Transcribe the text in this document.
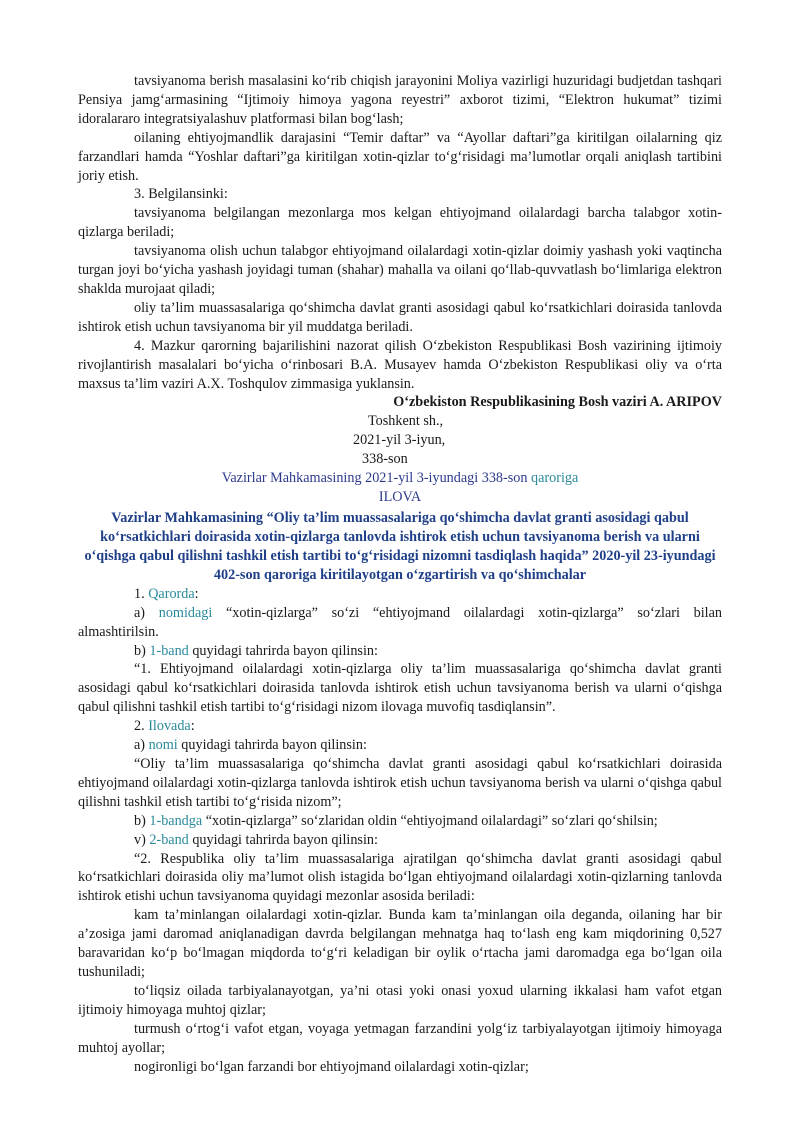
tavsiyanoma berish masalasini ko‘rib chiqish jarayonini Moliya vazirligi huzuridagi budjetdan tashqari Pensiya jamg‘armasining “Ijtimoiy himoya yagona reyestri” axborot tizimi, “Elektron hukumat” tizimi idoralararo integratsiyalashuv platformasi bilan bog‘lash;

oilaning ehtiyojmandlik darajasini “Temir daftar” va “Ayollar daftari”ga kiritilgan oilalarning qiz farzandlari hamda “Yoshlar daftari”ga kiritilgan xotin-qizlar to‘g‘risidagi ma’lumotlar orqali aniqlash tartibini joriy etish.

3. Belgilansinki:

tavsiyanoma belgilangan mezonlarga mos kelgan ehtiyojmand oilalardagi barcha talabgor xotin-qizlarga beriladi;

tavsiyanoma olish uchun talabgor ehtiyojmand oilalardagi xotin-qizlar doimiy yashash yoki vaqtincha turgan joyi bo‘yicha yashash joyidagi tuman (shahar) mahalla va oilani qo‘llab-quvvatlash bo‘limlariga elektron shaklda murojaat qiladi;

oliy ta’lim muassasalariga qo‘shimcha davlat granti asosidagi qabul ko‘rsatkichlari doirasida tanlovda ishtirok etish uchun tavsiyanoma bir yil muddatga beriladi.

4. Mazkur qarorning bajarilishini nazorat qilish O‘zbekiston Respublikasi Bosh vazirining ijtimoiy rivojlantirish masalalari bo‘yicha o‘rinbosari B.A. Musayev hamda O‘zbekiston Respublikasi oliy va o‘rta maxsus ta’lim vaziri A.X. Toshqulov zimmasiga yuklansin.

O‘zbekiston Respublikasining Bosh vaziri A. ARIPOV

Toshkent sh.,

2021-yil 3-iyun,

338-son

Vazirlar Mahkamasining 2021-yil 3-iyundagi 338-son qaroriga

ILOVA

Vazirlar Mahkamasining “Oliy ta’lim muassasalariga qo‘shimcha davlat granti asosidagi qabul ko‘rsatkichlari doirasida xotin-qizlarga tanlovda ishtirok etish uchun tavsiyanoma berish va ularni o‘qishga qabul qilishni tashkil etish tartibi to‘g‘risidagi nizomni tasdiqlash haqida” 2020-yil 23-iyundagi 402-son qaroriga kiritilayotgan o‘zgartirish va qo‘shimchalar

1. Qarorda:

a) nomidagi “xotin-qizlarga” so‘zi “ehtiyojmand oilalardagi xotin-qizlarga” so‘zlari bilan almashtirilsin.

b) 1-band quyidagi tahrirda bayon qilinsin:

“1. Ehtiyojmand oilalardagi xotin-qizlarga oliy ta’lim muassasalariga qo‘shimcha davlat granti asosidagi qabul ko‘rsatkichlari doirasida tanlovda ishtirok etish uchun tavsiyanoma berish va ularni o‘qishga qabul qilishni tashkil etish tartibi to‘g‘risidagi nizom ilovaga muvofiq tasdiqlansin”.

2. Ilovada:

a) nomi quyidagi tahrirda bayon qilinsin:

“Oliy ta’lim muassasalariga qo‘shimcha davlat granti asosidagi qabul ko‘rsatkichlari doirasida ehtiyojmand oilalardagi xotin-qizlarga tanlovda ishtirok etish uchun tavsiyanoma berish va ularni o‘qishga qabul qilishni tashkil etish tartibi to‘g‘risida nizom”;

b) 1-bandga “xotin-qizlarga” so‘zlaridan oldin “ehtiyojmand oilalardagi” so‘zlari qo‘shilsin;

v) 2-band quyidagi tahrirda bayon qilinsin:

“2. Respublika oliy ta’lim muassasalariga ajratilgan qo‘shimcha davlat granti asosidagi qabul ko‘rsatkichlari doirasida oliy ma’lumot olish istagida bo‘lgan ehtiyojmand oilalardagi xotin-qizlarning tanlovda ishtirok etishi uchun tavsiyanoma quyidagi mezonlar asosida beriladi:

kam ta’minlangan oilalardagi xotin-qizlar. Bunda kam ta’minlangan oila deganda, oilaning har bir a’zosiga jami daromad aniqlanadigan davrda belgilangan mehnatga haq to‘lash eng kam miqdorining 0,527 baravaridan ko‘p bo‘lmagan miqdorda to‘g‘ri keladigan bir oylik o‘rtacha jami daromadga ega bo‘lgan oila tushuniladi;

to‘liqsiz oilada tarbiyalanayotgan, ya’ni otasi yoki onasi yoxud ularning ikkalasi ham vafot etgan ijtimoiy himoyaga muhtoj qizlar;

turmush o‘rtog‘i vafot etgan, voyaga yetmagan farzandini yolg‘iz tarbiyalayotgan ijtimoiy himoyaga muhtoj ayollar;

nogironligi bo‘lgan farzandi bor ehtiyojmand oilalardagi xotin-qizlar;
